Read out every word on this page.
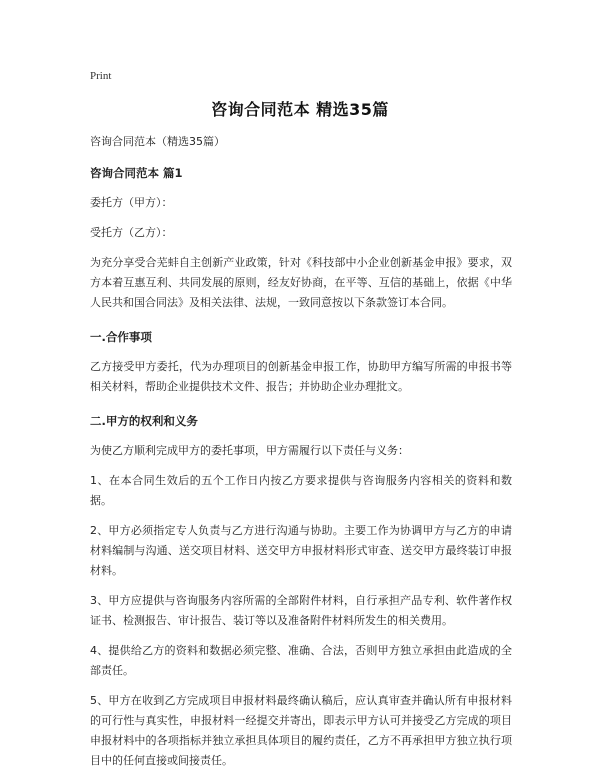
Print
咨询合同范本 精选35篇

咨询合同范本（精选35篇）

咨询合同范本 篇1

委托方（甲方）：

受托方（乙方）：

为充分享受合芜蚌自主创新产业政策，针对《科技部中小企业创新基金申报》要求，双方本着互惠互利、共同发展的原则，经友好协商，在平等、互信的基础上，依据《中华人民共和国合同法》及相关法律、法规，一致同意按以下条款签订本合同。

一.合作事项

乙方接受甲方委托，代为办理项目的创新基金申报工作，协助甲方编写所需的申报书等相关材料，帮助企业提供技术文件、报告；并协助企业办理批文。

二.甲方的权利和义务

为使乙方顺利完成甲方的委托事项，甲方需履行以下责任与义务：

1、在本合同生效后的五个工作日内按乙方要求提供与咨询服务内容相关的资料和数据。

2、甲方必须指定专人负责与乙方进行沟通与协助。主要工作为协调甲方与乙方的申请材料编制与沟通、送交项目材料、送交甲方申报材料形式审查、送交甲方最终装订申报材料。

3、甲方应提供与咨询服务内容所需的全部附件材料，自行承担产品专利、软件著作权证书、检测报告、审计报告、装订等以及准备附件材料所发生的相关费用。

4、提供给乙方的资料和数据必须完整、准确、合法，否则甲方独立承担由此造成的全部责任。

5、甲方在收到乙方完成项目申报材料最终确认稿后，应认真审查并确认所有申报材料的可行性与真实性，申报材料一经提交并寄出，即表示甲方认可并接受乙方完成的项目申报材料中的各项指标并独立承担具体项目的履约责任，乙方不再承担甲方独立执行项目中的任何直接或间接责任。
